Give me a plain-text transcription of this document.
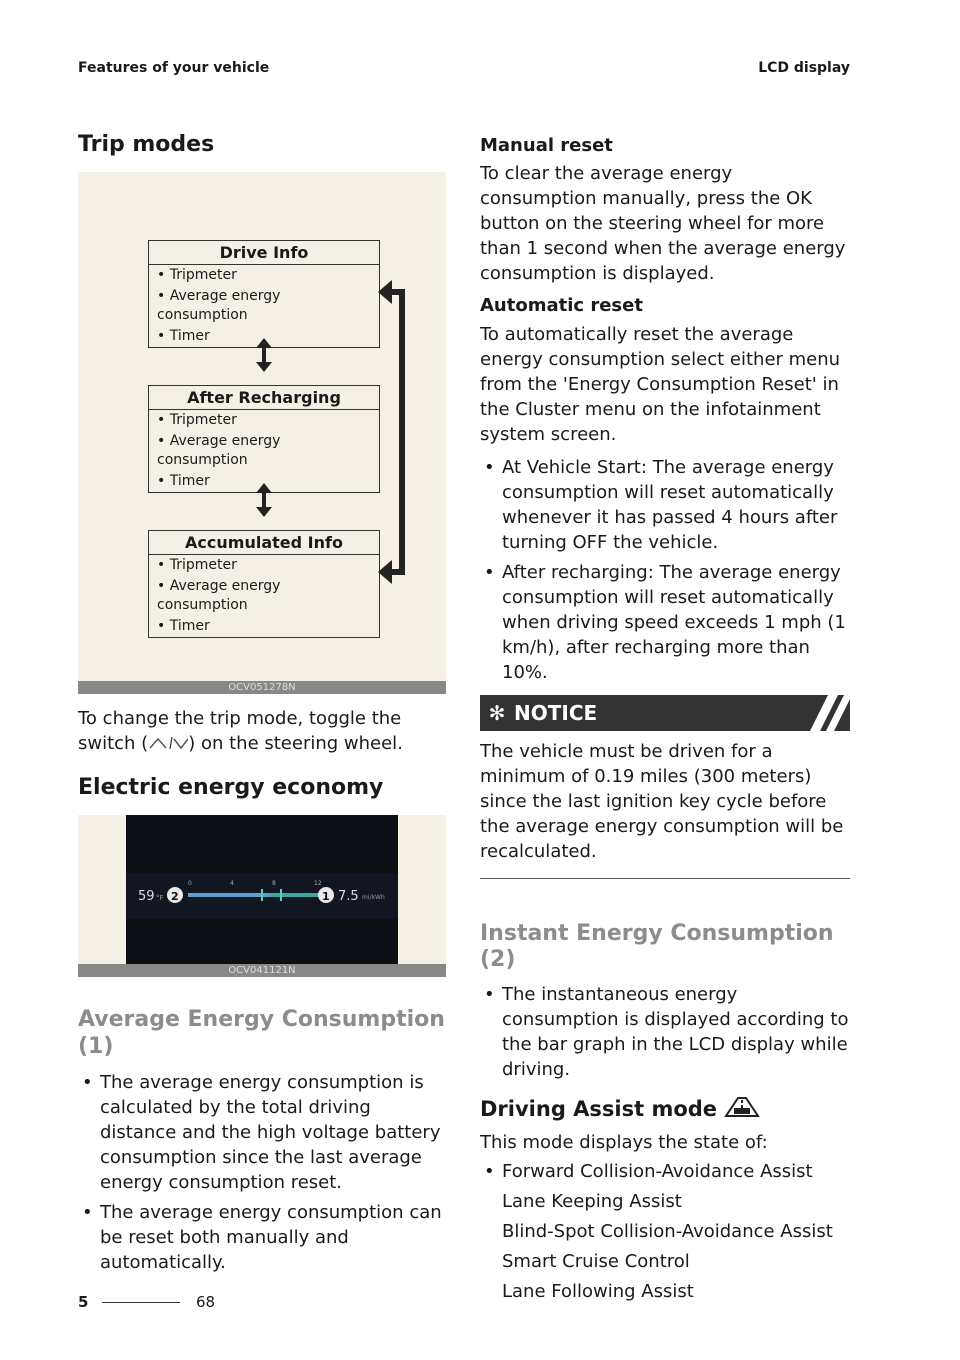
Features of your vehicle	LCD display
Trip modes
Drive Info
• Tripmeter
• Average energy consumption
• Timer
After Recharging
• Tripmeter
• Average energy consumption
• Timer
Accumulated Info
• Tripmeter
• Average energy consumption
• Timer
OCV051278N

To change the trip mode, toggle the switch ( ) on the steering wheel.

Electric energy economy
59 °F 2
0	4	8	12
1 7.5 mi/kWh
OCV041121N
Average Energy Consumption (1)
• The average energy consumption is calculated by the total driving distance and the high voltage battery consumption since the last average energy consumption reset.
• The average energy consumption can be reset both manually and automatically.
Manual reset

To clear the average energy consumption manually, press the OK button on the steering wheel for more than 1 second when the average energy consumption is displayed.

Automatic reset

To automatically reset the average energy consumption select either menu from the 'Energy Consumption Reset' in the Cluster menu on the infotainment system screen.

• At Vehicle Start: The average energy consumption will reset automatically whenever it has passed 4 hours after turning OFF the vehicle.
• After recharging: The average energy consumption will reset automatically when driving speed exceeds 1 mph (1 km/h), after recharging more than 10%.
✻ NOTICE

The vehicle must be driven for a minimum of 0.19 miles (300 meters) since the last ignition key cycle before the average energy consumption will be recalculated.

Instant Energy Consumption (2)
• The instantaneous energy consumption is displayed according to the bar graph in the LCD display while driving.
Driving Assist mode

This mode displays the state of:

• Forward Collision-Avoidance Assist
Lane Keeping Assist
Blind-Spot Collision-Avoidance Assist
Smart Cruise Control
Lane Following Assist
5	68
